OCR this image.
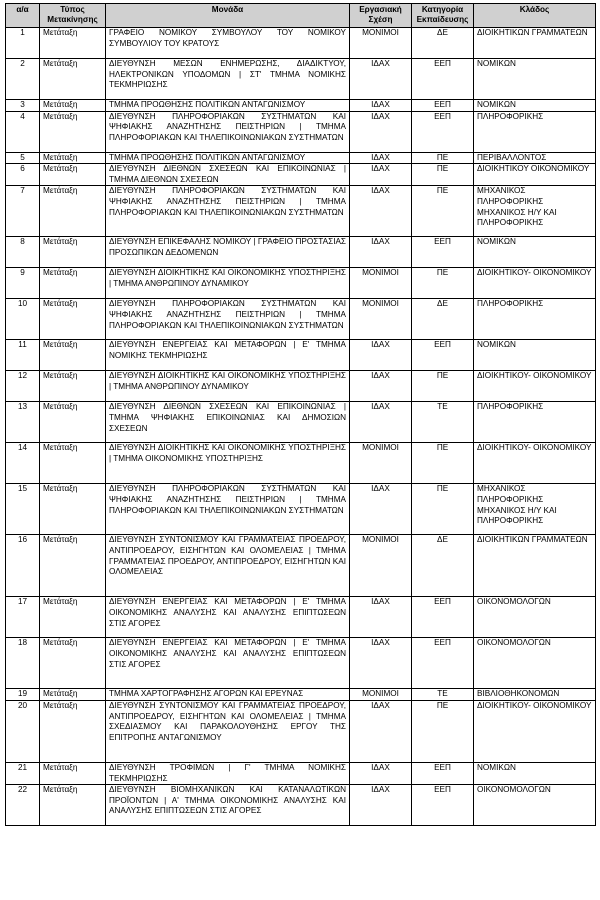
α/α	Τύπος Μετακίνησης	Μονάδα	Εργασιακή Σχέση	Κατηγορία Εκπαίδευσης	Κλάδος
1	Μετάταξη	ΓΡΑΦΕΙΟ ΝΟΜΙΚΟΥ ΣΥΜΒΟΥΛΟΥ ΤΟΥ ΝΟΜΙΚΟΥ ΣΥΜΒΟΥΛΙΟΥ ΤΟΥ ΚΡΑΤΟΥΣ	ΜΟΝΙΜΟΙ	ΔΕ	ΔΙΟΙΚΗΤΙΚΩΝ ΓΡΑΜΜΑΤΕΩΝ
2	Μετάταξη	ΔΙΕΥΘΥΝΣΗ ΜΕΣΩΝ ΕΝΗΜΕΡΩΣΗΣ, ΔΙΑΔΙΚΤΥΟΥ, ΗΛΕΚΤΡΟΝΙΚΩΝ ΥΠΟΔΟΜΩΝ | ΣΤ' ΤΜΗΜΑ ΝΟΜΙΚΗΣ ΤΕΚΜΗΡΙΩΣΗΣ	ΙΔΑΧ	ΕΕΠ	ΝΟΜΙΚΩΝ
3	Μετάταξη	ΤΜΗΜΑ ΠΡΟΩΘΗΣΗΣ ΠΟΛΙΤΙΚΩΝ ΑΝΤΑΓΩΝΙΣΜΟΥ	ΙΔΑΧ	ΕΕΠ	ΝΟΜΙΚΩΝ
4	Μετάταξη	ΔΙΕΥΘΥΝΣΗ ΠΛΗΡΟΦΟΡΙΑΚΩΝ ΣΥΣΤΗΜΑΤΩΝ ΚΑΙ ΨΗΦΙΑΚΗΣ ΑΝΑΖΗΤΗΣΗΣ ΠΕΙΣΤΗΡΙΩΝ | ΤΜΗΜΑ ΠΛΗΡΟΦΟΡΙΑΚΩΝ ΚΑΙ ΤΗΛΕΠΙΚΟΙΝΩΝΙΑΚΩΝ ΣΥΣΤΗΜΑΤΩΝ	ΙΔΑΧ	ΕΕΠ	ΠΛΗΡΟΦΟΡΙΚΗΣ
5	Μετάταξη	ΤΜΗΜΑ ΠΡΟΩΘΗΣΗΣ ΠΟΛΙΤΙΚΩΝ ΑΝΤΑΓΩΝΙΣΜΟΥ	ΙΔΑΧ	ΠΕ	ΠΕΡΙΒΑΛΛΟΝΤΟΣ
6	Μετάταξη	ΔΙΕΥΘΥΝΣΗ ΔΙΕΘΝΩΝ ΣΧΕΣΕΩΝ ΚΑΙ ΕΠΙΚΟΙΝΩΝΙΑΣ | ΤΜΗΜΑ ΔΙΕΘΝΩΝ ΣΧΕΣΕΩΝ	ΙΔΑΧ	ΠΕ	ΔΙΟΙΚΗΤΙΚΟΥ ΟΙΚΟΝΟΜΙΚΟΥ
7	Μετάταξη	ΔΙΕΥΘΥΝΣΗ ΠΛΗΡΟΦΟΡΙΑΚΩΝ ΣΥΣΤΗΜΑΤΩΝ ΚΑΙ ΨΗΦΙΑΚΗΣ ΑΝΑΖΗΤΗΣΗΣ ΠΕΙΣΤΗΡΙΩΝ | ΤΜΗΜΑ ΠΛΗΡΟΦΟΡΙΑΚΩΝ ΚΑΙ ΤΗΛΕΠΙΚΟΙΝΩΝΙΑΚΩΝ ΣΥΣΤΗΜΑΤΩΝ	ΙΔΑΧ	ΠΕ	ΜΗΧΑΝΙΚΟΣ ΠΛΗΡΟΦΟΡΙΚΗΣ ΜΗΧΑΝΙΚΟΣ Η/Υ ΚΑΙ ΠΛΗΡΟΦΟΡΙΚΗΣ
8	Μετάταξη	ΔΙΕΥΘΥΝΣΗ ΕΠΙΚΕΦΑΛΗΣ ΝΟΜΙΚΟΥ | ΓΡΑΦΕΙΟ ΠΡΟΣΤΑΣΙΑΣ ΠΡΟΣΩΠΙΚΩΝ ΔΕΔΟΜΕΝΩΝ	ΙΔΑΧ	ΕΕΠ	ΝΟΜΙΚΩΝ
9	Μετάταξη	ΔΙΕΥΘΥΝΣΗ ΔΙΟΙΚΗΤΙΚΗΣ ΚΑΙ ΟΙΚΟΝΟΜΙΚΗΣ ΥΠΟΣΤΗΡΙΞΗΣ | ΤΜΗΜΑ ΑΝΘΡΩΠΙΝΟΥ ΔΥΝΑΜΙΚΟΥ	ΜΟΝΙΜΟΙ	ΠΕ	ΔΙΟΙΚΗΤΙΚΟΥ- ΟΙΚΟΝΟΜΙΚΟΥ
10	Μετάταξη	ΔΙΕΥΘΥΝΣΗ ΠΛΗΡΟΦΟΡΙΑΚΩΝ ΣΥΣΤΗΜΑΤΩΝ ΚΑΙ ΨΗΦΙΑΚΗΣ ΑΝΑΖΗΤΗΣΗΣ ΠΕΙΣΤΗΡΙΩΝ | ΤΜΗΜΑ ΠΛΗΡΟΦΟΡΙΑΚΩΝ ΚΑΙ ΤΗΛΕΠΙΚΟΙΝΩΝΙΑΚΩΝ ΣΥΣΤΗΜΑΤΩΝ	ΜΟΝΙΜΟΙ	ΔΕ	ΠΛΗΡΟΦΟΡΙΚΗΣ
11	Μετάταξη	ΔΙΕΥΘΥΝΣΗ ΕΝΕΡΓΕΙΑΣ ΚΑΙ ΜΕΤΑΦΟΡΩΝ | Ε' ΤΜΗΜΑ ΝΟΜΙΚΗΣ ΤΕΚΜΗΡΙΩΣΗΣ	ΙΔΑΧ	ΕΕΠ	ΝΟΜΙΚΩΝ
12	Μετάταξη	ΔΙΕΥΘΥΝΣΗ ΔΙΟΙΚΗΤΙΚΗΣ ΚΑΙ ΟΙΚΟΝΟΜΙΚΗΣ ΥΠΟΣΤΗΡΙΞΗΣ | ΤΜΗΜΑ ΑΝΘΡΩΠΙΝΟΥ ΔΥΝΑΜΙΚΟΥ	ΙΔΑΧ	ΠΕ	ΔΙΟΙΚΗΤΙΚΟΥ- ΟΙΚΟΝΟΜΙΚΟΥ
13	Μετάταξη	ΔΙΕΥΘΥΝΣΗ ΔΙΕΘΝΩΝ ΣΧΕΣΕΩΝ ΚΑΙ ΕΠΙΚΟΙΝΩΝΙΑΣ | ΤΜΗΜΑ ΨΗΦΙΑΚΗΣ ΕΠΙΚΟΙΝΩΝΙΑΣ ΚΑΙ ΔΗΜΟΣΙΩΝ ΣΧΕΣΕΩΝ	ΙΔΑΧ	ΤΕ	ΠΛΗΡΟΦΟΡΙΚΗΣ
14	Μετάταξη	ΔΙΕΥΘΥΝΣΗ ΔΙΟΙΚΗΤΙΚΗΣ ΚΑΙ ΟΙΚΟΝΟΜΙΚΗΣ ΥΠΟΣΤΗΡΙΞΗΣ | ΤΜΗΜΑ ΟΙΚΟΝΟΜΙΚΗΣ ΥΠΟΣΤΗΡΙΞΗΣ	ΜΟΝΙΜΟΙ	ΠΕ	ΔΙΟΙΚΗΤΙΚΟΥ- ΟΙΚΟΝΟΜΙΚΟΥ
15	Μετάταξη	ΔΙΕΥΘΥΝΣΗ ΠΛΗΡΟΦΟΡΙΑΚΩΝ ΣΥΣΤΗΜΑΤΩΝ ΚΑΙ ΨΗΦΙΑΚΗΣ ΑΝΑΖΗΤΗΣΗΣ ΠΕΙΣΤΗΡΙΩΝ | ΤΜΗΜΑ ΠΛΗΡΟΦΟΡΙΑΚΩΝ ΚΑΙ ΤΗΛΕΠΙΚΟΙΝΩΝΙΑΚΩΝ ΣΥΣΤΗΜΑΤΩΝ	ΙΔΑΧ	ΠΕ	ΜΗΧΑΝΙΚΟΣ ΠΛΗΡΟΦΟΡΙΚΗΣ ΜΗΧΑΝΙΚΟΣ Η/Υ ΚΑΙ ΠΛΗΡΟΦΟΡΙΚΗΣ
16	Μετάταξη	ΔΙΕΥΘΥΝΣΗ ΣΥΝΤΟΝΙΣΜΟΥ ΚΑΙ ΓΡΑΜΜΑΤΕΙΑΣ ΠΡΟΕΔΡΟΥ, ΑΝΤΙΠΡΟΕΔΡΟΥ, ΕΙΣΗΓΗΤΩΝ ΚΑΙ ΟΛΟΜΕΛΕΙΑΣ | ΤΜΗΜΑ ΓΡΑΜΜΑΤΕΙΑΣ ΠΡΟΕΔΡΟΥ, ΑΝΤΙΠΡΟΕΔΡΟΥ, ΕΙΣΗΓΗΤΩΝ ΚΑΙ ΟΛΟΜΕΛΕΙΑΣ	ΜΟΝΙΜΟΙ	ΔΕ	ΔΙΟΙΚΗΤΙΚΩΝ ΓΡΑΜΜΑΤΕΩΝ
17	Μετάταξη	ΔΙΕΥΘΥΝΣΗ ΕΝΕΡΓΕΙΑΣ ΚΑΙ ΜΕΤΑΦΟΡΩΝ | Ε' ΤΜΗΜΑ ΟΙΚΟΝΟΜΙΚΗΣ ΑΝΑΛΥΣΗΣ ΚΑΙ ΑΝΑΛΥΣΗΣ ΕΠΙΠΤΩΣΕΩΝ ΣΤΙΣ ΑΓΟΡΕΣ	ΙΔΑΧ	ΕΕΠ	ΟΙΚΟΝΟΜΟΛΟΓΩΝ
18	Μετάταξη	ΔΙΕΥΘΥΝΣΗ ΕΝΕΡΓΕΙΑΣ ΚΑΙ ΜΕΤΑΦΟΡΩΝ | Ε' ΤΜΗΜΑ ΟΙΚΟΝΟΜΙΚΗΣ ΑΝΑΛΥΣΗΣ ΚΑΙ ΑΝΑΛΥΣΗΣ ΕΠΙΠΤΩΣΕΩΝ ΣΤΙΣ ΑΓΟΡΕΣ	ΙΔΑΧ	ΕΕΠ	ΟΙΚΟΝΟΜΟΛΟΓΩΝ
19	Μετάταξη	ΤΜΗΜΑ ΧΑΡΤΟΓΡΑΦΗΣΗΣ ΑΓΟΡΩΝ ΚΑΙ ΕΡΕΥΝΑΣ	ΜΟΝΙΜΟΙ	ΤΕ	ΒΙΒΛΙΟΘΗΚΟΝΟΜΩΝ
20	Μετάταξη	ΔΙΕΥΘΥΝΣΗ ΣΥΝΤΟΝΙΣΜΟΥ ΚΑΙ ΓΡΑΜΜΑΤΕΙΑΣ ΠΡΟΕΔΡΟΥ, ΑΝΤΙΠΡΟΕΔΡΟΥ, ΕΙΣΗΓΗΤΩΝ ΚΑΙ ΟΛΟΜΕΛΕΙΑΣ | ΤΜΗΜΑ ΣΧΕΔΙΑΣΜΟΥ ΚΑΙ ΠΑΡΑΚΟΛΟΥΘΗΣΗΣ ΕΡΓΟΥ ΤΗΣ ΕΠΙΤΡΟΠΗΣ ΑΝΤΑΓΩΝΙΣΜΟΥ	ΙΔΑΧ	ΠΕ	ΔΙΟΙΚΗΤΙΚΟΥ- ΟΙΚΟΝΟΜΙΚΟΥ
21	Μετάταξη	ΔΙΕΥΘΥΝΣΗ ΤΡΟΦΙΜΩΝ | Γ' ΤΜΗΜΑ ΝΟΜΙΚΗΣ ΤΕΚΜΗΡΙΩΣΗΣ	ΙΔΑΧ	ΕΕΠ	ΝΟΜΙΚΩΝ
22	Μετάταξη	ΔΙΕΥΘΥΝΣΗ ΒΙΟΜΗΧΑΝΙΚΩΝ ΚΑΙ ΚΑΤΑΝΑΛΩΤΙΚΩΝ ΠΡΟΪΟΝΤΩΝ | Α' ΤΜΗΜΑ ΟΙΚΟΝΟΜΙΚΗΣ ΑΝΑΛΥΣΗΣ ΚΑΙ ΑΝΑΛΥΣΗΣ ΕΠΙΠΤΩΣΕΩΝ ΣΤΙΣ ΑΓΟΡΕΣ	ΙΔΑΧ	ΕΕΠ	ΟΙΚΟΝΟΜΟΛΟΓΩΝ
